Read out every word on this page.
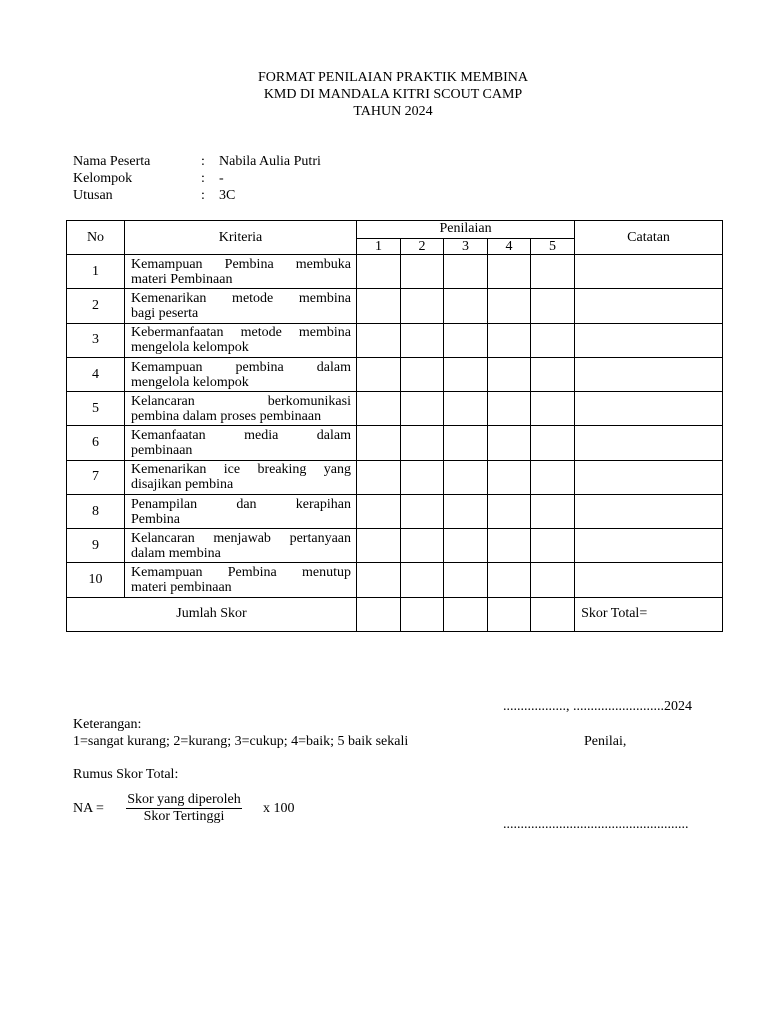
FORMAT PENILAIAN PRAKTIK MEMBINA
KMD DI MANDALA KITRI SCOUT CAMP
TAHUN 2024
Nama Peserta	: Nabila Aulia Putri
Kelompok	: -
Utusan	: 3C
No	Kriteria	Penilaian					Catatan
		1	2	3	4	5	
1	Kemampuan Pembina membuka
materi Pembinaan						

2	Kemenarikan metode membina
bagi peserta						

3	Kebermanfaatan metode membina
mengelola kelompok						

4	Kemampuan pembina dalam
mengelola kelompok						

5	Kelancaran berkomunikasi
pembina dalam proses pembinaan						

6	Kemanfaatan media dalam
pembinaan						

7	Kemenarikan ice breaking yang
disajikan pembina						

8	Penampilan dan kerapihan
Pembina						

9	Kelancaran menjawab pertanyaan
dalam membina						

10	Kemampuan Pembina menutup
materi pembinaan						

Jumlah Skor							Skor Total=
.................., ..........................2024
Keterangan:
1=sangat kurang; 2=kurang; 3=cukup; 4=baik; 5 baik sekali	Penilai,
Rumus Skor Total:
NA =
Skor yang diperoleh
Skor Tertinggi
x 100
.....................................................
